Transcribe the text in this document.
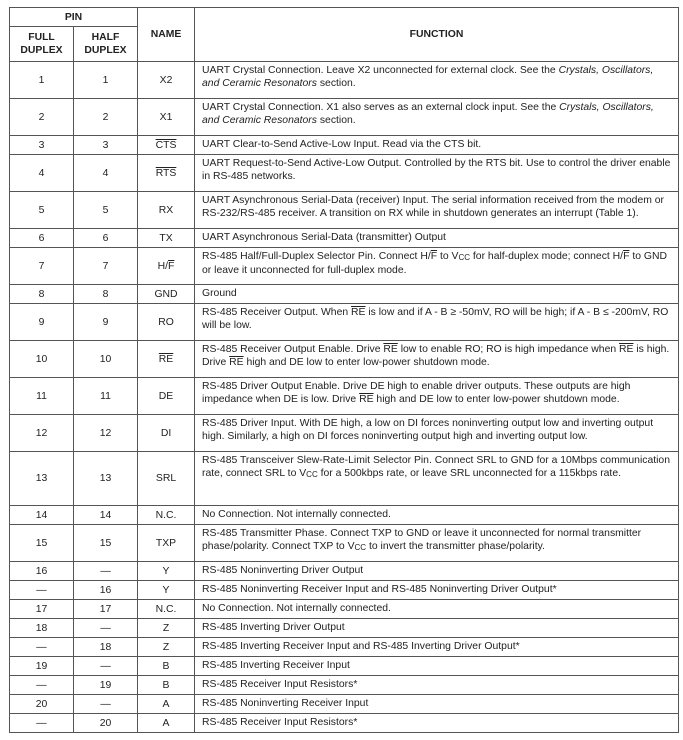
PIN		NAME	FUNCTION
FULL DUPLEX	HALF DUPLEX		
1	1	X2	UART Crystal Connection. Leave X2 unconnected for external clock. See the Crystals, Oscillators, and Ceramic Resonators section.
2	2	X1	UART Crystal Connection. X1 also serves as an external clock input. See the Crystals, Oscillators, and Ceramic Resonators section.
3	3	$\overline{CTS}$	UART Clear-to-Send Active-Low Input. Read via the CTS bit.
4	4	$\overline{RTS}$	UART Request-to-Send Active-Low Output. Controlled by the RTS bit. Use to control the driver enable in RS-485 networks.
5	5	RX	UART Asynchronous Serial-Data (receiver) Input. The serial information received from the modem or RS-232/RS-485 receiver. A transition on RX while in shutdown generates an interrupt (Table 1).
6	6	TX	UART Asynchronous Serial-Data (transmitter) Output
7	7	$H/\overline{F}$	RS-485 Half/Full-Duplex Selector Pin. Connect $H/\overline{F}$ to VCC for half-duplex mode; connect $H/\overline{F}$ to GND or leave it unconnected for full-duplex mode.
8	8	GND	Ground
9	9	RO	RS-485 Receiver Output. When $\overline{RE}$ is low and if A - B ≥ -50mV, RO will be high; if A - B ≤ -200mV, RO will be low.
10	10	$\overline{RE}$	RS-485 Receiver Output Enable. Drive $\overline{RE}$ low to enable RO; RO is high impedance when $\overline{RE}$ is high. Drive $\overline{RE}$ high and DE low to enter low-power shutdown mode.
11	11	DE	RS-485 Driver Output Enable. Drive DE high to enable driver outputs. These outputs are high impedance when DE is low. Drive $\overline{RE}$ high and DE low to enter low-power shutdown mode.
12	12	DI	RS-485 Driver Input. With DE high, a low on DI forces noninverting output low and inverting output high. Similarly, a high on DI forces noninverting output high and inverting output low.
13	13	SRL	RS-485 Transceiver Slew-Rate-Limit Selector Pin. Connect SRL to GND for a 10Mbps communication rate, connect SRL to VCC for a 500kbps rate, or leave SRL unconnected for a 115kbps rate.
14	14	N.C.	No Connection. Not internally connected.
15	15	TXP	RS-485 Transmitter Phase. Connect TXP to GND or leave it unconnected for normal transmitter phase/polarity. Connect TXP to VCC to invert the transmitter phase/polarity.
16	—	Y	RS-485 Noninverting Driver Output
—	16	Y	RS-485 Noninverting Receiver Input and RS-485 Noninverting Driver Output*
17	17	N.C.	No Connection. Not internally connected.
18	—	Z	RS-485 Inverting Driver Output
—	18	Z	RS-485 Inverting Receiver Input and RS-485 Inverting Driver Output*
19	—	B	RS-485 Inverting Receiver Input
—	19	B	RS-485 Receiver Input Resistors*
20	—	A	RS-485 Noninverting Receiver Input
—	20	A	RS-485 Receiver Input Resistors*
